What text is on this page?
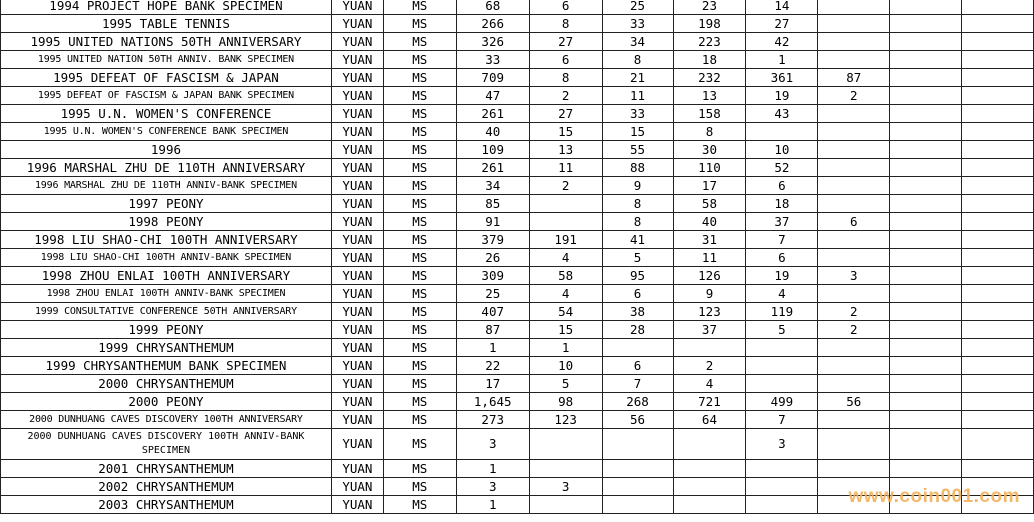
1994 PROJECT HOPE BANK SPECIMEN	YUAN	MS	68	6	25	23	14			
1995 TABLE TENNIS	YUAN	MS	266	8	33	198	27			
1995 UNITED NATIONS 50TH ANNIVERSARY	YUAN	MS	326	27	34	223	42			
1995 UNITED NATION 50TH ANNIV. BANK SPECIMEN	YUAN	MS	33	6	8	18	1			
1995 DEFEAT OF FASCISM & JAPAN	YUAN	MS	709	8	21	232	361	87		
1995 DEFEAT OF FASCISM & JAPAN BANK SPECIMEN	YUAN	MS	47	2	11	13	19	2		
1995 U.N. WOMEN'S CONFERENCE	YUAN	MS	261	27	33	158	43			
1995 U.N. WOMEN'S CONFERENCE BANK SPECIMEN	YUAN	MS	40	15	15	8				
1996	YUAN	MS	109	13	55	30	10			
1996 MARSHAL ZHU DE 110TH ANNIVERSARY	YUAN	MS	261	11	88	110	52			
1996 MARSHAL ZHU DE 110TH ANNIV-BANK SPECIMEN	YUAN	MS	34	2	9	17	6			
1997 PEONY	YUAN	MS	85		8	58	18			
1998 PEONY	YUAN	MS	91		8	40	37	6		
1998 LIU SHAO-CHI 100TH ANNIVERSARY	YUAN	MS	379	191	41	31	7			
1998 LIU SHAO-CHI 100TH ANNIV-BANK SPECIMEN	YUAN	MS	26	4	5	11	6			
1998 ZHOU ENLAI 100TH ANNIVERSARY	YUAN	MS	309	58	95	126	19	3		
1998 ZHOU ENLAI 100TH ANNIV-BANK SPECIMEN	YUAN	MS	25	4	6	9	4			
1999 CONSULTATIVE CONFERENCE 50TH ANNIVERSARY	YUAN	MS	407	54	38	123	119	2		
1999 PEONY	YUAN	MS	87	15	28	37	5	2		
1999 CHRYSANTHEMUM	YUAN	MS	1	1						
1999 CHRYSANTHEMUM BANK SPECIMEN	YUAN	MS	22	10	6	2				
2000 CHRYSANTHEMUM	YUAN	MS	17	5	7	4				
2000 PEONY	YUAN	MS	1,645	98	268	721	499	56		
2000 DUNHUANG CAVES DISCOVERY 100TH ANNIVERSARY	YUAN	MS	273	123	56	64	7			
2000 DUNHUANG CAVES DISCOVERY 100TH ANNIV-BANK SPECIMEN	YUAN	MS	3				3			
2001 CHRYSANTHEMUM	YUAN	MS	1							
2002 CHRYSANTHEMUM	YUAN	MS	3	3						
2003 CHRYSANTHEMUM	YUAN	MS	1								www.coin001.com
